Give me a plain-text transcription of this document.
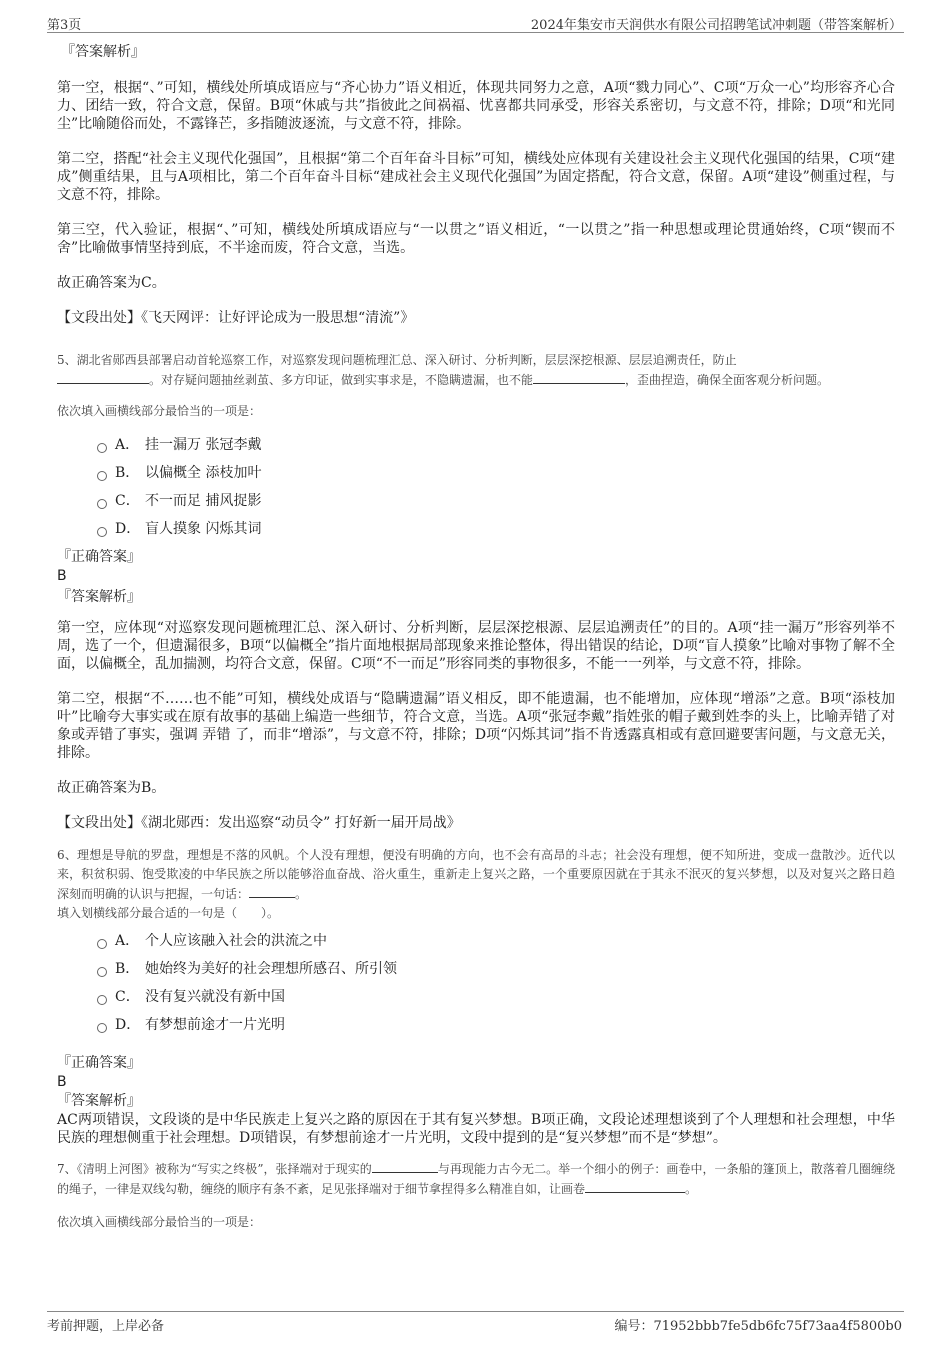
第3页	2024年集安市天润供水有限公司招聘笔试冲刺题（带答案解析）

『答案解析』

第一空，根据“、”可知，横线处所填成语应与“齐心协力”语义相近，体现共同努力之意，A项“戮力同心”、C项“万众一心”均形容齐心合力、团结一致，符合文意，保留。B项“休戚与共”指彼此之间祸福、忧喜都共同承受，形容关系密切，与文意不符，排除；D项“和光同尘”比喻随俗而处，不露锋芒，多指随波逐流，与文意不符，排除。

第二空，搭配“社会主义现代化强国”，且根据“第二个百年奋斗目标”可知，横线处应体现有关建设社会主义现代化强国的结果，C项“建成”侧重结果，且与A项相比，第二个百年奋斗目标“建成社会主义现代化强国”为固定搭配，符合文意，保留。A项“建设”侧重过程，与文意不符，排除。

第三空，代入验证，根据“、”可知，横线处所填成语应与“一以贯之”语义相近，“一以贯之”指一种思想或理论贯通始终，C项“锲而不舍”比喻做事情坚持到底，不半途而废，符合文意，当选。

故正确答案为C。

【文段出处】《飞天网评：让好评论成为一股思想“清流”》

5、湖北省郧西县部署启动首轮巡察工作，对巡察发现问题梳理汇总、深入研讨、分析判断，层层深挖根源、层层追溯责任，防止
。对存疑问题抽丝剥茧、多方印证，做到实事求是，不隐瞒遗漏，也不能	，歪曲捏造，确保全面客观分析问题。

依次填入画横线部分最恰当的一项是：

A． 挂一漏万 张冠李戴
B． 以偏概全 添枝加叶
C． 不一而足 捕风捉影
D． 盲人摸象 闪烁其词

『正确答案』

B

『答案解析』

第一空，应体现“对巡察发现问题梳理汇总、深入研讨、分析判断，层层深挖根源、层层追溯责任”的目的。A项“挂一漏万”形容列举不周，选了一个，但遗漏很多，B项“以偏概全”指片面地根据局部现象来推论整体，得出错误的结论，D项“盲人摸象”比喻对事物了解不全面，以偏概全，乱加揣测，均符合文意，保留。C项“不一而足”形容同类的事物很多，不能一一列举，与文意不符，排除。

第二空，根据“不……也不能”可知，横线处成语与“隐瞒遗漏”语义相反，即不能遗漏，也不能增加，应体现“增添”之意。B项“添枝加叶”比喻夸大事实或在原有故事的基础上编造一些细节，符合文意，当选。A项“张冠李戴”指姓张的帽子戴到姓李的头上，比喻弄错了对象或弄错了事实，强调 弄错 了，而非“增添”，与文意不符，排除；D项“闪烁其词”指不肯透露真相或有意回避要害问题，与文意无关，排除。

故正确答案为B。

【文段出处】《湖北郧西：发出巡察“动员令” 打好新一届开局战》

6、理想是导航的罗盘，理想是不落的风帆。个人没有理想，便没有明确的方向，也不会有高昂的斗志；社会没有理想，便不知所进，变成一盘散沙。近代以来，积贫积弱、饱受欺凌的中华民族之所以能够浴血奋战、浴火重生，重新走上复兴之路，一个重要原因就在于其永不泯灭的复兴梦想，以及对复兴之路日趋深刻而明确的认识与把握，一句话：	。

填入划横线部分最合适的一句是（　　）。

A． 个人应该融入社会的洪流之中
B． 她始终为美好的社会理想所感召、所引领
C． 没有复兴就没有新中国
D． 有梦想前途才一片光明

『正确答案』

B

『答案解析』

AC两项错误，文段谈的是中华民族走上复兴之路的原因在于其有复兴梦想。B项正确，文段论述理想谈到了个人理想和社会理想，中华民族的理想侧重于社会理想。D项错误，有梦想前途才一片光明，文段中提到的是“复兴梦想”而不是“梦想”。

7、《清明上河图》被称为“写实之终极”，张择端对于现实的	与再现能力古今无二。举一个细小的例子：画卷中，一条船的篷顶上，散落着几圈缠绕的绳子，一律是双线勾勒，缠绕的顺序有条不紊，足见张择端对于细节拿捏得多么精准自如，让画卷	。

依次填入画横线部分最恰当的一项是：

考前押题，上岸必备	编号：71952bbb7fe5db6fc75f73aa4f5800b0
